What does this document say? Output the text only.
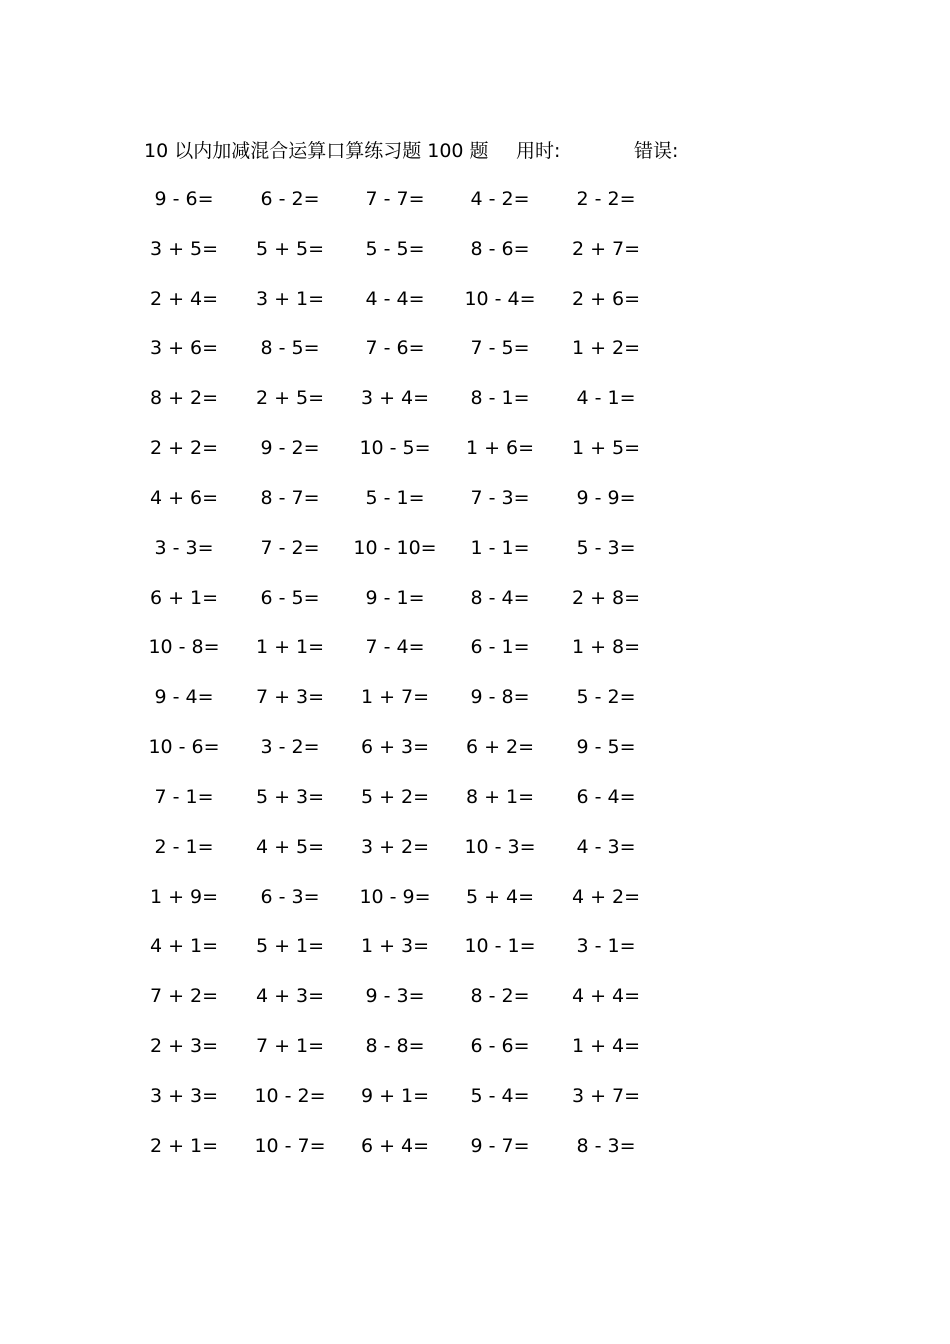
10 以内加减混合运算口算练习题 100 题 用时:	错误:
9 - 6=	6 - 2=	7 - 7=	4 - 2=	2 - 2=
3 + 5=	5 + 5=	5 - 5=	8 - 6=	2 + 7=
2 + 4=	3 + 1=	4 - 4=	10 - 4=	2 + 6=
3 + 6=	8 - 5=	7 - 6=	7 - 5=	1 + 2=
8 + 2=	2 + 5=	3 + 4=	8 - 1=	4 - 1=
2 + 2=	9 - 2=	10 - 5=	1 + 6=	1 + 5=
4 + 6=	8 - 7=	5 - 1=	7 - 3=	9 - 9=
3 - 3=	7 - 2=	10 - 10=	1 - 1=	5 - 3=
6 + 1=	6 - 5=	9 - 1=	8 - 4=	2 + 8=
10 - 8=	1 + 1=	7 - 4=	6 - 1=	1 + 8=
9 - 4=	7 + 3=	1 + 7=	9 - 8=	5 - 2=
10 - 6=	3 - 2=	6 + 3=	6 + 2=	9 - 5=
7 - 1=	5 + 3=	5 + 2=	8 + 1=	6 - 4=
2 - 1=	4 + 5=	3 + 2=	10 - 3=	4 - 3=
1 + 9=	6 - 3=	10 - 9=	5 + 4=	4 + 2=
4 + 1=	5 + 1=	1 + 3=	10 - 1=	3 - 1=
7 + 2=	4 + 3=	9 - 3=	8 - 2=	4 + 4=
2 + 3=	7 + 1=	8 - 8=	6 - 6=	1 + 4=
3 + 3=	10 - 2=	9 + 1=	5 - 4=	3 + 7=
2 + 1=	10 - 7=	6 + 4=	9 - 7=	8 - 3=
